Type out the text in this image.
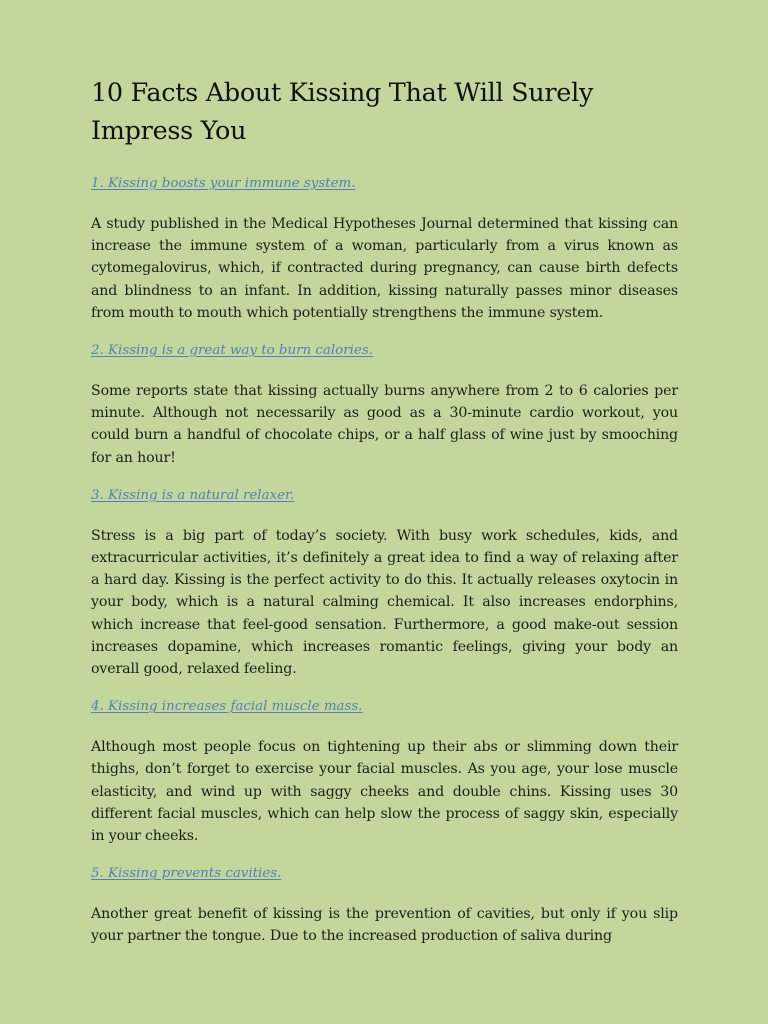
10 Facts About Kissing That Will Surely Impress You
1. Kissing boosts your immune system.

A study published in the Medical Hypotheses Journal determined that kissing can increase the immune system of a woman, particularly from a virus known as cytomegalovirus, which, if contracted during pregnancy, can cause birth defects and blindness to an infant. In addition, kissing naturally passes minor diseases from mouth to mouth which potentially strengthens the immune system.

2. Kissing is a great way to burn calories.

Some reports state that kissing actually burns anywhere from 2 to 6 calories per minute. Although not necessarily as good as a 30-minute cardio workout, you could burn a handful of chocolate chips, or a half glass of wine just by smooching for an hour!

3. Kissing is a natural relaxer.

Stress is a big part of today’s society. With busy work schedules, kids, and extracurricular activities, it’s definitely a great idea to find a way of relaxing after a hard day. Kissing is the perfect activity to do this. It actually releases oxytocin in your body, which is a natural calming chemical. It also increases endorphins, which increase that feel-good sensation. Furthermore, a good make-out session increases dopamine, which increases romantic feelings, giving your body an overall good, relaxed feeling.

4. Kissing increases facial muscle mass.

Although most people focus on tightening up their abs or slimming down their thighs, don’t forget to exercise your facial muscles. As you age, your lose muscle elasticity, and wind up with saggy cheeks and double chins. Kissing uses 30 different facial muscles, which can help slow the process of saggy skin, especially in your cheeks.

5. Kissing prevents cavities.

Another great benefit of kissing is the prevention of cavities, but only if you slip your partner the tongue. Due to the increased production of saliva during
